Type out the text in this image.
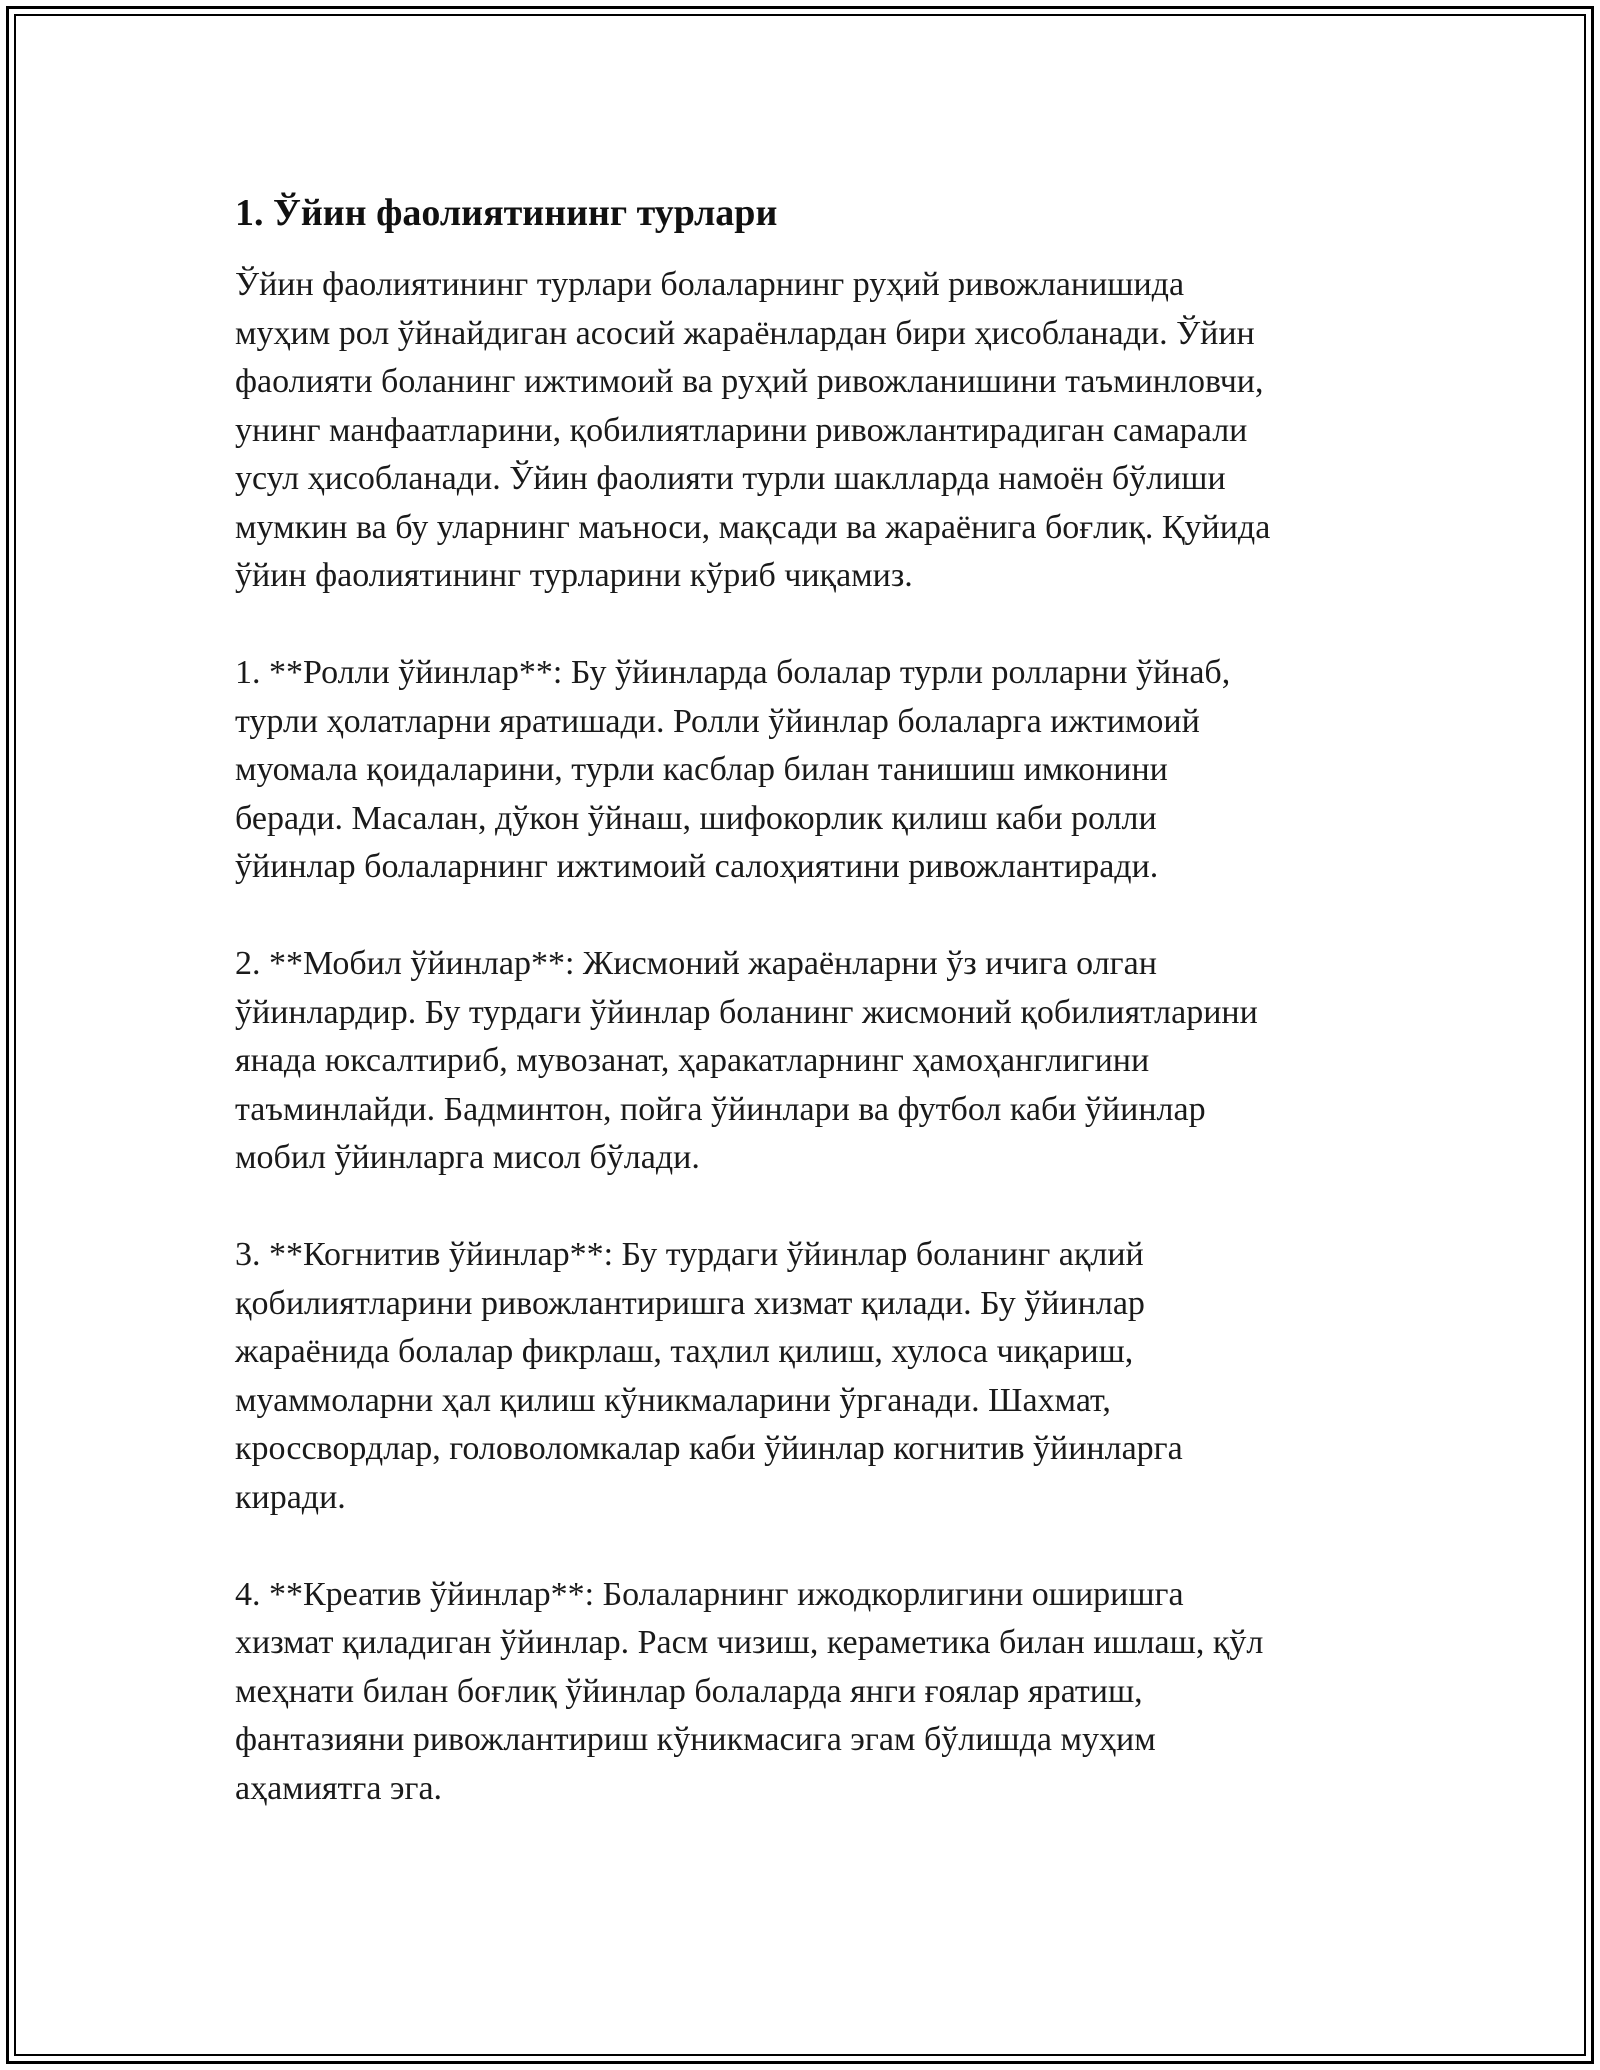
1. Ўйин фаолиятининг турлари

Ўйин фаолиятининг турлари болаларнинг руҳий ривожланишида
муҳим рол ўйнайдиган асосий жараёнлардан бири ҳисобланади. Ўйин
фаолияти боланинг ижтимоий ва руҳий ривожланишини таъминловчи,
унинг манфаатларини, қобилиятларини ривожлантирадиган самарали
усул ҳисобланади. Ўйин фаолияти турли шаклларда намоён бўлиши
мумкин ва бу уларнинг маъноси, мақсади ва жараёнига боғлиқ. Қуйида
ўйин фаолиятининг турларини кўриб чиқамиз.

1. **Ролли ўйинлар**: Бу ўйинларда болалар турли ролларни ўйнаб,
турли ҳолатларни яратишади. Ролли ўйинлар болаларга ижтимоий
муомала қоидаларини, турли касблар билан танишиш имконини
беради. Масалан, дўкон ўйнаш, шифокорлик қилиш каби ролли
ўйинлар болаларнинг ижтимоий салоҳиятини ривожлантиради.

2. **Мобил ўйинлар**: Жисмоний жараёнларни ўз ичига олган
ўйинлардир. Бу турдаги ўйинлар боланинг жисмоний қобилиятларини
янада юксалтириб, мувозанат, ҳаракатларнинг ҳамоҳанглигини
таъминлайди. Бадминтон, пойга ўйинлари ва футбол каби ўйинлар
мобил ўйинларга мисол бўлади.

3. **Когнитив ўйинлар**: Бу турдаги ўйинлар боланинг ақлий
қобилиятларини ривожлантиришга хизмат қилади. Бу ўйинлар
жараёнида болалар фикрлаш, таҳлил қилиш, хулоса чиқариш,
муаммоларни ҳал қилиш кўникмаларини ўрганади. Шахмат,
кроссвордлар, головоломкалар каби ўйинлар когнитив ўйинларга
киради.

4. **Креатив ўйинлар**: Болаларнинг ижодкорлигини оширишга
хизмат қиладиган ўйинлар. Расм чизиш, кераметика билан ишлаш, қўл
меҳнати билан боғлиқ ўйинлар болаларда янги ғоялар яратиш,
фантазияни ривожлантириш кўникмасига эгам бўлишда муҳим
аҳамиятга эга.
